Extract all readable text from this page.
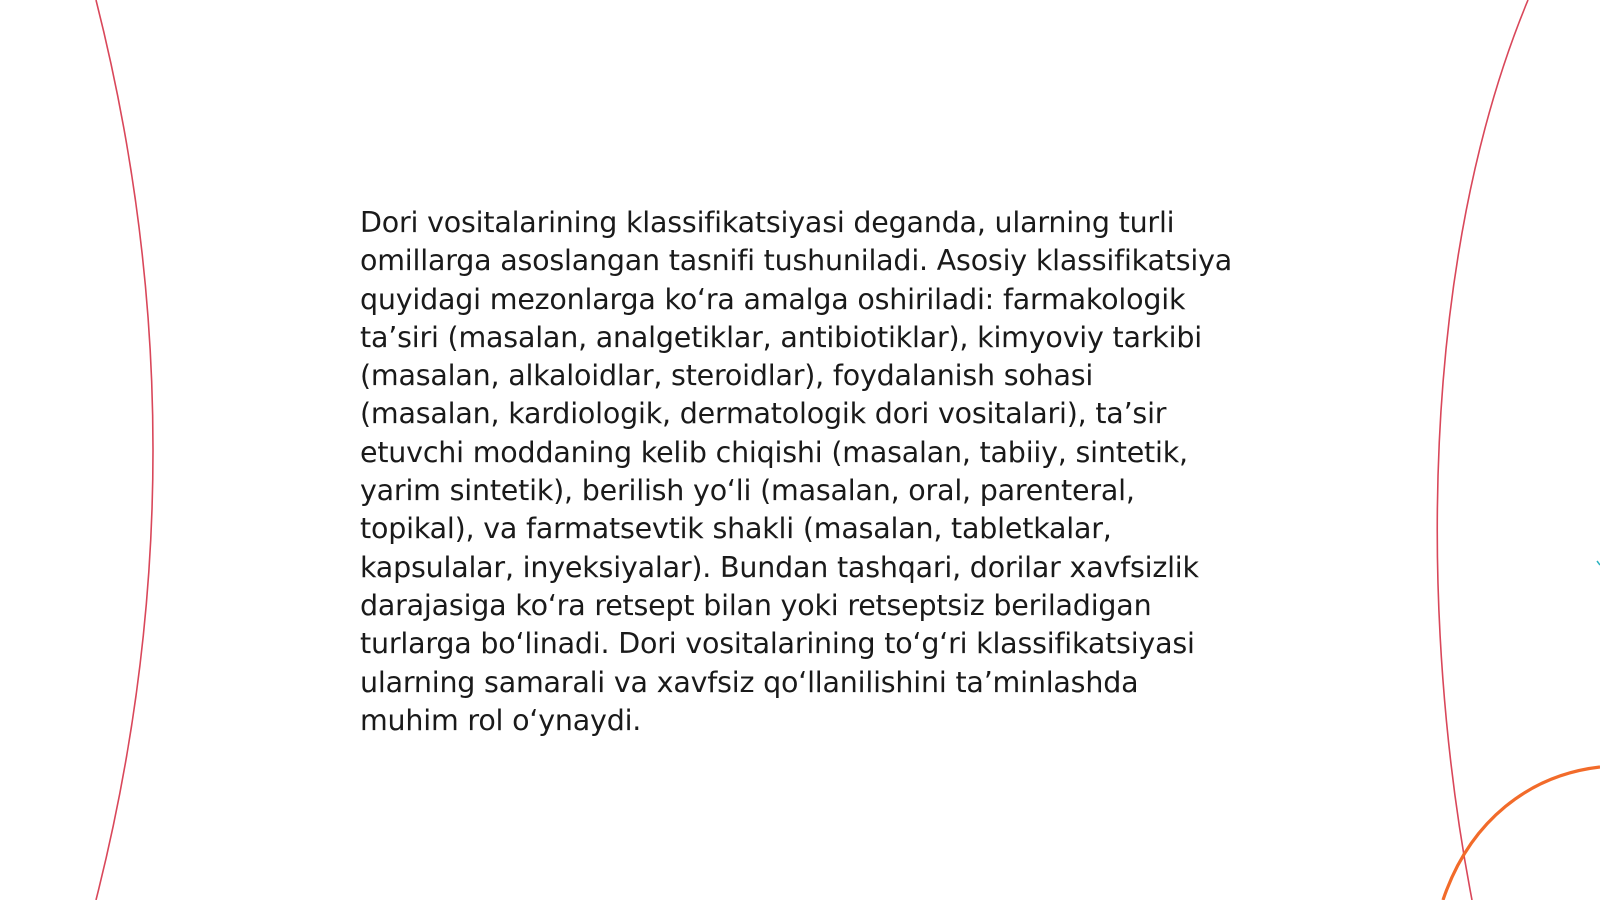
Dori vositalarining klassifikatsiyasi deganda, ularning turli omillarga asoslangan tasnifi tushuniladi. Asosiy klassifikatsiya quyidagi mezonlarga ko‘ra amalga oshiriladi: farmakologik ta’siri (masalan, analgetiklar, antibiotiklar), kimyoviy tarkibi (masalan, alkaloidlar, steroidlar), foydalanish sohasi (masalan, kardiologik, dermatologik dori vositalari), ta’sir etuvchi moddaning kelib chiqishi (masalan, tabiiy, sintetik, yarim sintetik), berilish yo‘li (masalan, oral, parenteral, topikal), va farmatsevtik shakli (masalan, tabletkalar, kapsulalar, inyeksiyalar). Bundan tashqari, dorilar xavfsizlik darajasiga ko‘ra retsept bilan yoki retseptsiz beriladigan turlarga bo‘linadi. Dori vositalarining to‘g‘ri klassifikatsiyasi ularning samarali va xavfsiz qo‘llanilishini ta’minlashda muhim rol o‘ynaydi.
